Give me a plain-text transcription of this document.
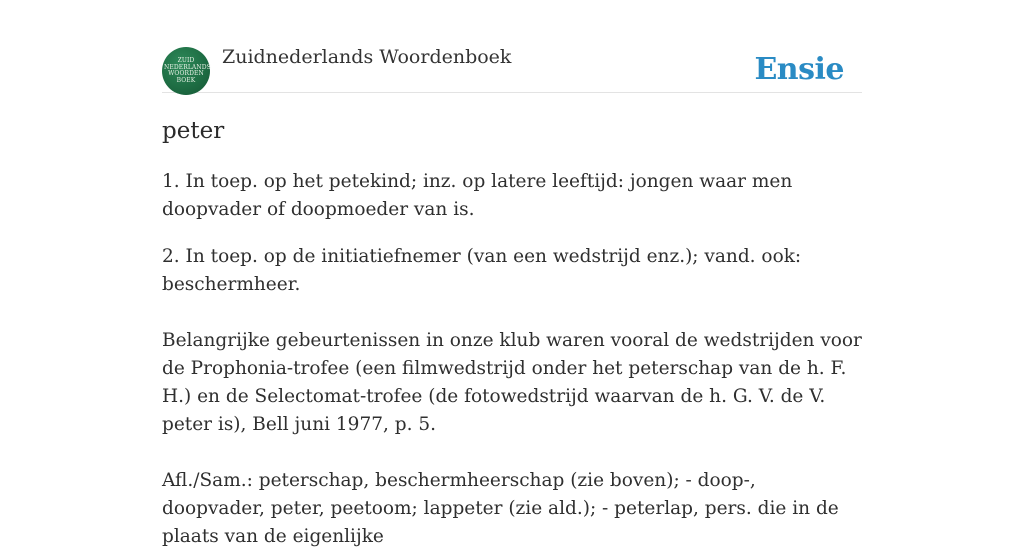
ZUID
NEDERLANDS
WOORDEN
BOEK
Zuidnederlands Woordenboek	Ensie
peter

1. In toep. op het petekind; inz. op latere leeftijd: jongen waar men doopvader of doopmoeder van is.

2. In toep. op de initiatiefnemer (van een wedstrijd enz.); vand. ook: beschermheer.

Belangrijke gebeurtenissen in onze klub waren vooral de wedstrijden voor de Prophonia-trofee (een filmwedstrijd onder het peterschap van de h. F. H.) en de Selectomat-trofee (de fotowedstrijd waarvan de h. G. V. de V. peter is), Bell juni 1977, p. 5.

Afl./Sam.: peterschap, beschermheerschap (zie boven); - doop-, doopvader, peter, peetoom; lappeter (zie ald.); - peterlap, pers. die in de plaats van de eigenlijke
